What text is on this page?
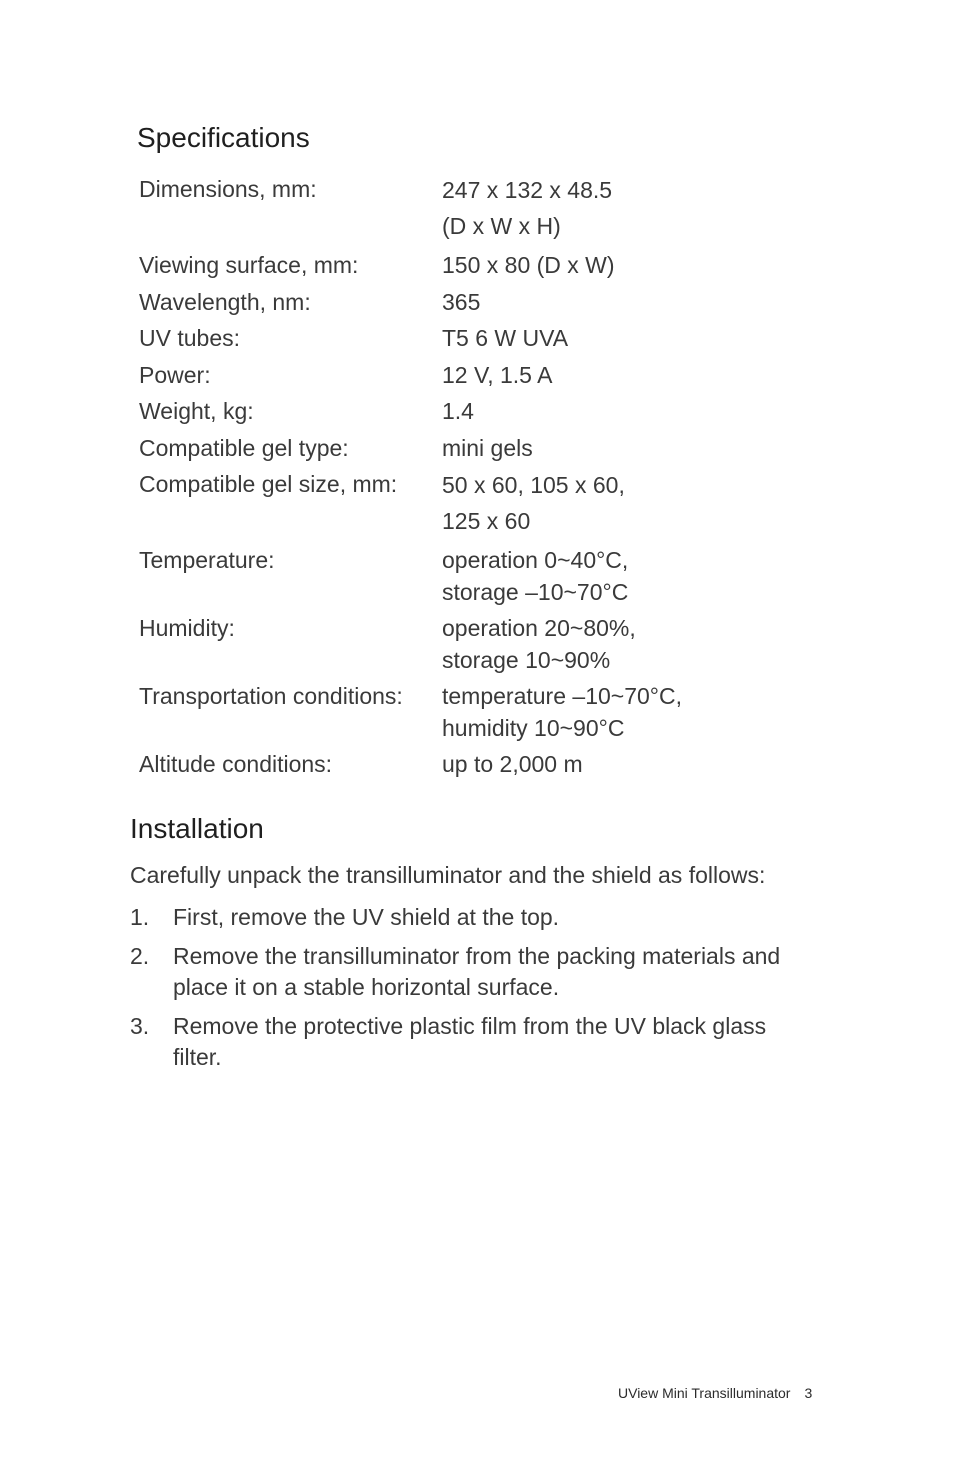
Specifications
Dimensions, mm:	247 x 132 x 48.5
(D x W x H)
Viewing surface, mm:	150 x 80 (D x W)
Wavelength, nm:	365
UV tubes:	T5 6 W UVA
Power:	12 V, 1.5 A
Weight, kg:	1.4
Compatible gel type:	mini gels
Compatible gel size, mm:	50 x 60, 105 x 60,
125 x 60
Temperature:	operation 0~40°C,
storage –10~70°C
Humidity:	operation 20~80%,
storage 10~90%
Transportation conditions:	temperature –10~70°C,
humidity 10~90°C
Altitude conditions:	up to 2,000 m
Installation

Carefully unpack the transilluminator and the shield as follows:

1.	First, remove the UV shield at the top.
2.	Remove the transilluminator from the packing materials and place it on a stable horizontal surface.
3.	Remove the protective plastic film from the UV black glass filter.
UView Mini Transilluminator 3
